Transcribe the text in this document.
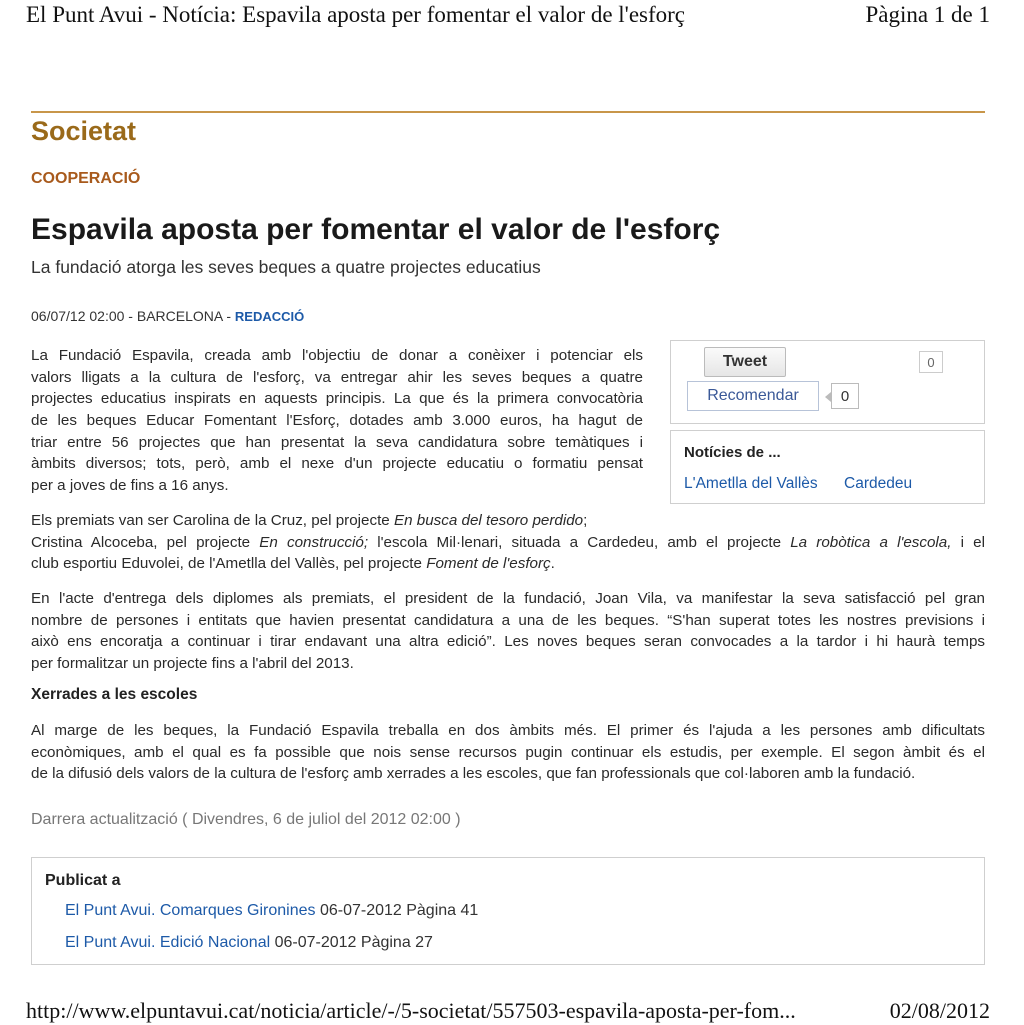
El Punt Avui - Notícia: Espavila aposta per fomentar el valor de l'esforç	Pàgina 1 de 1
Societat
COOPERACIÓ
Espavila aposta per fomentar el valor de l'esforç
La fundació atorga les seves beques a quatre projectes educatius
06/07/12 02:00 - BARCELONA - REDACCIÓ
La Fundació Espavila, creada amb l'objectiu de donar a conèixer i potenciar els
valors lligats a la cultura de l'esforç, va entregar ahir les seves beques a quatre
projectes educatius inspirats en aquests principis. La que és la primera convocatòria
de les beques Educar Fomentant l'Esforç, dotades amb 3.000 euros, ha hagut de
triar entre 56 projectes que han presentat la seva candidatura sobre temàtiques i
àmbits diversos; tots, però, amb el nexe d'un projecte educatiu o formatiu pensat
per a joves de fins a 16 anys.
Tweet	0
Recomendar	0
Notícies de ...
L'Ametlla del Vallès Cardedeu
Els premiats van ser Carolina de la Cruz, pel projecte En busca del tesoro perdido;
Cristina Alcoceba, pel projecte En construcció; l'escola Mil·lenari, situada a Cardedeu, amb el projecte La robòtica a l'escola, i el
club esportiu Eduvolei, de l'Ametlla del Vallès, pel projecte Foment de l'esforç.
En l'acte d'entrega dels diplomes als premiats, el president de la fundació, Joan Vila, va manifestar la seva satisfacció pel gran
nombre de persones i entitats que havien presentat candidatura a una de les beques. “S'han superat totes les nostres previsions i
això ens encoratja a continuar i tirar endavant una altra edició”. Les noves beques seran convocades a la tardor i hi haurà temps
per formalitzar un projecte fins a l'abril del 2013.
Xerrades a les escoles
Al marge de les beques, la Fundació Espavila treballa en dos àmbits més. El primer és l'ajuda a les persones amb dificultats
econòmiques, amb el qual es fa possible que nois sense recursos pugin continuar els estudis, per exemple. El segon àmbit és el
de la difusió dels valors de la cultura de l'esforç amb xerrades a les escoles, que fan professionals que col·laboren amb la fundació.
Darrera actualització ( Divendres, 6 de juliol del 2012 02:00 )
Publicat a
El Punt Avui. Comarques Gironines 06-07-2012 Pàgina 41
El Punt Avui. Edició Nacional 06-07-2012 Pàgina 27
http://www.elpuntavui.cat/noticia/article/-/5-societat/557503-espavila-aposta-per-fom...	02/08/2012
